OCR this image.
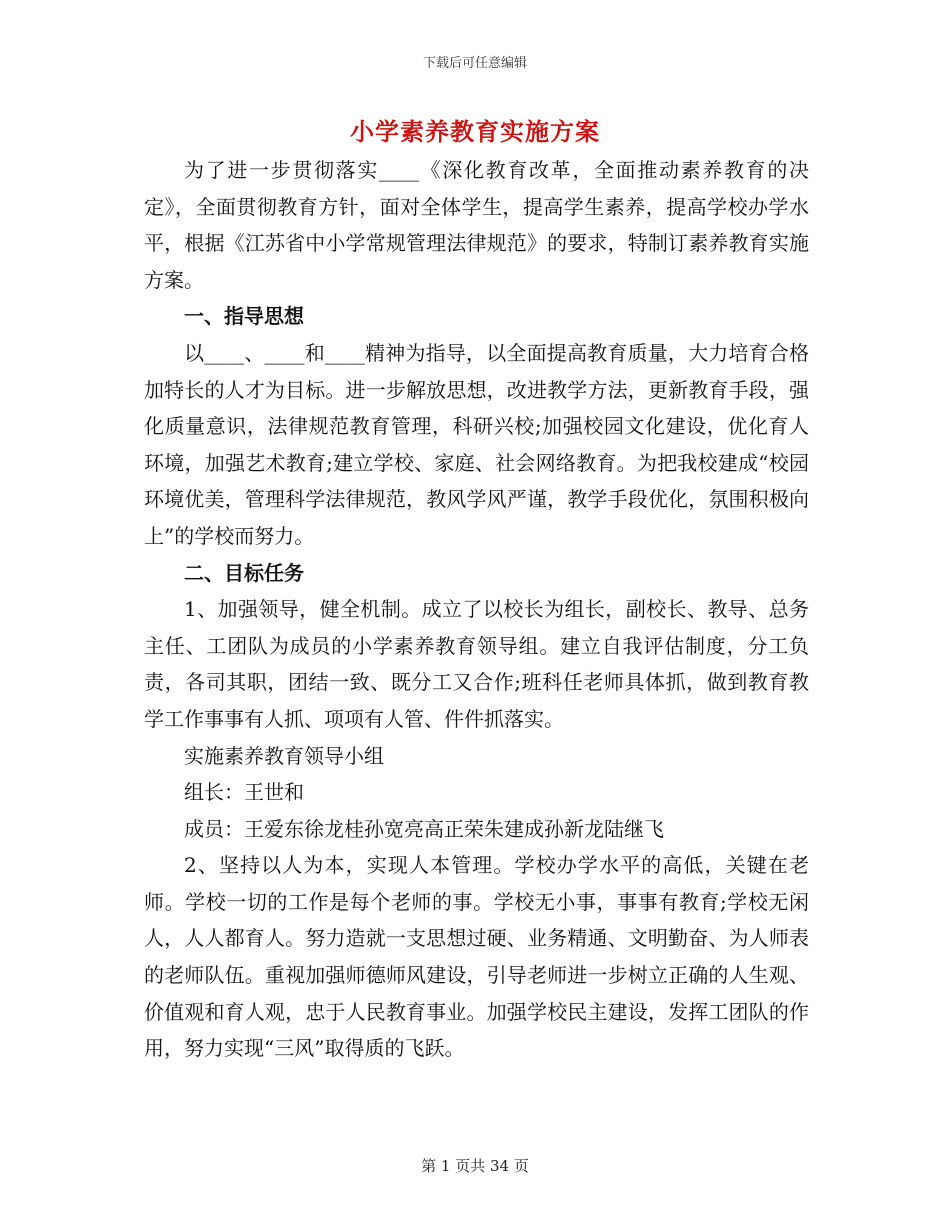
下载后可任意编辑
小学素养教育实施方案

为了进一步贯彻落实____《深化教育改革，全面推动素养教育的决定》，全面贯彻教育方针，面对全体学生，提高学生素养，提高学校办学水平，根据《江苏省中小学常规管理法律规范》的要求，特制订素养教育实施方案。

一、指导思想

以____、____和____精神为指导，以全面提高教育质量，大力培育合格加特长的人才为目标。进一步解放思想，改进教学方法，更新教育手段，强化质量意识，法律规范教育管理，科研兴校;加强校园文化建设，优化育人环境，加强艺术教育;建立学校、家庭、社会网络教育。为把我校建成“校园环境优美，管理科学法律规范，教风学风严谨，教学手段优化，氛围积极向上”的学校而努力。

二、目标任务

1、加强领导，健全机制。成立了以校长为组长，副校长、教导、总务主任、工团队为成员的小学素养教育领导组。建立自我评估制度，分工负责，各司其职，团结一致、既分工又合作;班科任老师具体抓，做到教育教学工作事事有人抓、项项有人管、件件抓落实。

实施素养教育领导小组

组长：王世和

成员：王爱东徐龙桂孙宽亮高正荣朱建成孙新龙陆继飞

2、坚持以人为本，实现人本管理。学校办学水平的高低，关键在老师。学校一切的工作是每个老师的事。学校无小事，事事有教育;学校无闲人，人人都育人。努力造就一支思想过硬、业务精通、文明勤奋、为人师表的老师队伍。重视加强师德师风建设，引导老师进一步树立正确的人生观、价值观和育人观，忠于人民教育事业。加强学校民主建设，发挥工团队的作用，努力实现“三风”取得质的飞跃。

第 1 页共 34 页
